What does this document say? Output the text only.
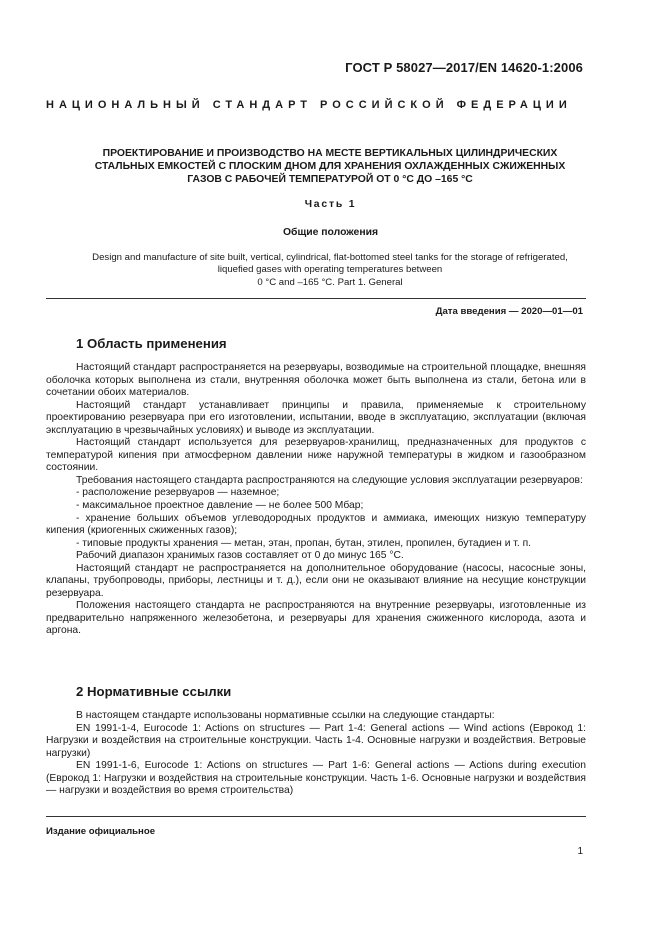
ГОСТ Р 58027—2017/EN 14620-1:2006
НАЦИОНАЛЬНЫЙ СТАНДАРТ РОССИЙСКОЙ ФЕДЕРАЦИИ
ПРОЕКТИРОВАНИЕ И ПРОИЗВОДСТВО НА МЕСТЕ ВЕРТИКАЛЬНЫХ ЦИЛИНДРИЧЕСКИХ
СТАЛЬНЫХ ЕМКОСТЕЙ С ПЛОСКИМ ДНОМ ДЛЯ ХРАНЕНИЯ ОХЛАЖДЕННЫХ СЖИЖЕННЫХ
ГАЗОВ С РАБОЧЕЙ ТЕМПЕРАТУРОЙ ОТ 0 °С ДО –165 °С
Часть 1
Общие положения
Design and manufacture of site built, vertical, cylindrical, flat-bottomed steel tanks for the storage of refrigerated,
liquefied gases with operating temperatures between
0 °C and –165 °C. Part 1. General
Дата введения — 2020—01—01
1 Область применения

Настоящий стандарт распространяется на резервуары, возводимые на строительной площадке, внешняя оболочка которых выполнена из стали, внутренняя оболочка может быть выполнена из стали, бетона или в сочетании обоих материалов.

Настоящий стандарт устанавливает принципы и правила, применяемые к строительному проектированию резервуара при его изготовлении, испытании, вводе в эксплуатацию, эксплуатации (включая эксплуатацию в чрезвычайных условиях) и выводе из эксплуатации.

Настоящий стандарт используется для резервуаров-хранилищ, предназначенных для продуктов с температурой кипения при атмосферном давлении ниже наружной температуры в жидком и газообразном состоянии.

Требования настоящего стандарта распространяются на следующие условия эксплуатации резервуаров:

- расположение резервуаров — наземное;

- максимальное проектное давление — не более 500 Мбар;

- хранение больших объемов углеводородных продуктов и аммиака, имеющих низкую температуру кипения (криогенных сжиженных газов);

- типовые продукты хранения — метан, этан, пропан, бутан, этилен, пропилен, бутадиен и т. п.

Рабочий диапазон хранимых газов составляет от 0 до минус 165 °С.

Настоящий стандарт не распространяется на дополнительное оборудование (насосы, насосные зоны, клапаны, трубопроводы, приборы, лестницы и т. д.), если они не оказывают влияние на несущие конструкции резервуара.

Положения настоящего стандарта не распространяются на внутренние резервуары, изготовленные из предварительно напряженного железобетона, и резервуары для хранения сжиженного кислорода, азота и аргона.

2 Нормативные ссылки

В настоящем стандарте использованы нормативные ссылки на следующие стандарты:

EN 1991-1-4, Eurocode 1: Actions on structures — Part 1-4: General actions — Wind actions (Еврокод 1: Нагрузки и воздействия на строительные конструкции. Часть 1-4. Основные нагрузки и воздействия. Ветровые нагрузки)

EN 1991-1-6, Eurocode 1: Actions on structures — Part 1-6: General actions — Actions during execution (Еврокод 1: Нагрузки и воздействия на строительные конструкции. Часть 1-6. Основные нагрузки и воздействия — нагрузки и воздействия во время строительства)

Издание официальное
1
